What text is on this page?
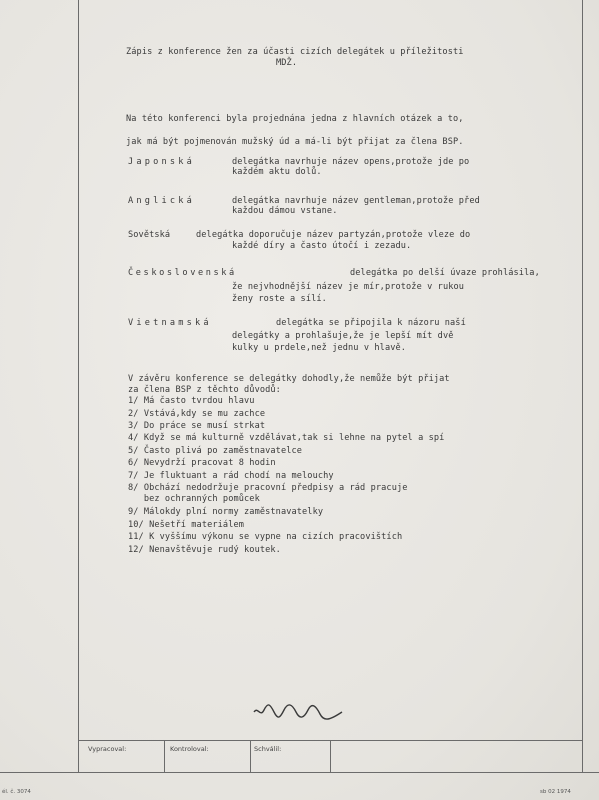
Zápis z konference žen za účasti cizích delegátek u příležitosti
MDŽ.
Na této konferenci byla projednána jedna z hlavních otázek a to,
jak má být pojmenován mužský úd a má-li být přijat za člena BSP.
Japonská	delegátka navrhuje název opens,protože jde po
každém aktu dolů.
Anglická	delegátka navrhuje název gentleman,protože před
každou dámou vstane.
Sovětská	delegátka doporučuje název partyzán,protože vleze do
každé díry a často útočí i zezadu.
Československá	delegátka po delší úvaze prohlásila,
že nejvhodnější název je mír,protože v rukou
ženy roste a sílí.
Vietnamská	delegátka se připojila k názoru naší
delegátky a prohlašuje,že je lepší mít dvě
kulky u prdele,než jednu v hlavě.
V závěru konference se delegátky dohodly,že nemůže být přijat
za člena BSP z těchto důvodů:
1/ Má často tvrdou hlavu
2/ Vstává,kdy se mu zachce
3/ Do práce se musí strkat
4/ Když se má kulturně vzdělávat,tak si lehne na pytel a spí
5/ Často plivá po zaměstnavatelce
6/ Nevydrží pracovat 8 hodin
7/ Je fluktuant a rád chodí na melouchy
8/ Obchází nedodržuje pracovní předpisy a rád pracuje
bez ochranných pomůcek
9/ Málokdy plní normy zaměstnavatelky
10/ Nešetří materiálem
11/ K vyššímu výkonu se vypne na cizích pracovištích
12/ Nenavštěvuje rudý koutek.
Vypracoval:	Kontroloval:	Schválil:
él. č. 3074	sb 02 1974
